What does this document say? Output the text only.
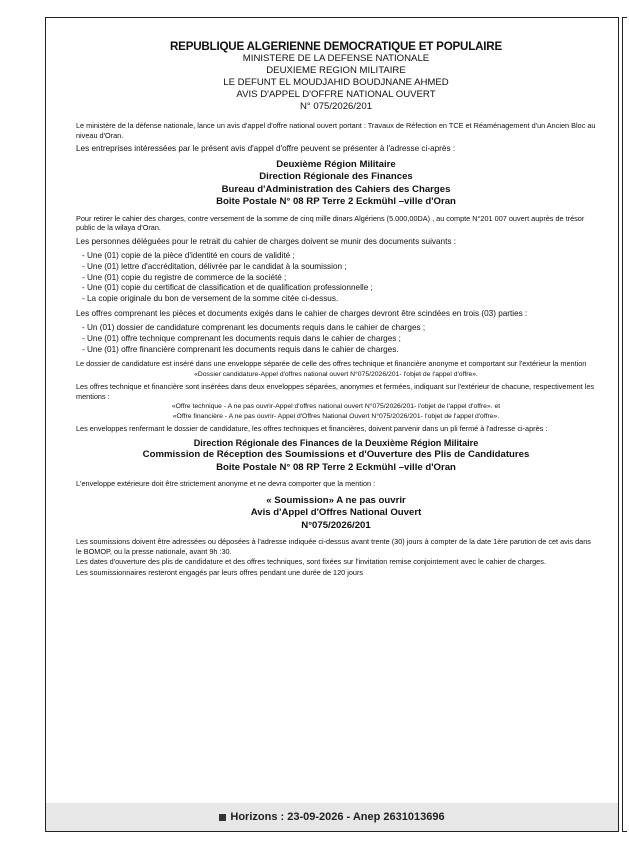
REPUBLIQUE ALGERIENNE DEMOCRATIQUE ET POPULAIRE
MINISTERE DE LA DEFENSE NATIONALE
DEUXIEME REGION MILITAIRE
LE DEFUNT EL MOUDJAHID BOUDJNANE AHMED
AVIS D'APPEL D'OFFRE NATIONAL OUVERT
N° 075/2026/201

Le ministère de la défense nationale, lance un avis d'appel d'offre national ouvert portant : Travaux de Réfection en TCE et Réaménagement d'un Ancien Bloc au niveau d'Oran.

Les entreprises intéressées par le présent avis d'appel d'offre peuvent se présenter à l'adresse ci-après :

Deuxième Région Militaire
Direction Régionale des Finances
Bureau d'Administration des Cahiers des Charges
Boite Postale N° 08 RP Terre 2 Eckmühl –ville d'Oran

Pour retirer le cahier des charges, contre versement de la somme de cinq mille dinars Algériens (5.000,00DA) , au compte N°201 007 ouvert auprès de trésor public de la wilaya d'Oran.

Les personnes déléguées pour le retrait du cahier de charges doivent se munir des documents suivants :

- Une (01) copie de la pièce d'identité en cours de validité ;
- Une (01) lettre d'accréditation, délivrée par le candidat à la soumission ;
- Une (01) copie du registre de commerce de la société ;
- Une (01) copie du certificat de classification et de qualification professionnelle ;
- La copie originale du bon de versement de la somme citée ci-dessus.

Les offres comprenant les pièces et documents exigés dans le cahier de charges devront être scindées en trois (03) parties :

- Un (01) dossier de candidature comprenant les documents requis dans le cahier de charges ;
- Une (01) offre technique comprenant les documents requis dans le cahier de charges ;
- Une (01) offre financière comprenant les documents requis dans le cahier de charges.

Le dossier de candidature est inséré dans une enveloppe séparée de celle des offres technique et financière anonyme et comportant sur l'extérieur la mention

«Dossier candidature-Appel d'offres national ouvert N°075/2026/201- l'objet de l'appel d'offre».

Les offres technique et financière sont insérées dans deux enveloppes séparées, anonymes et fermées, indiquant sur l'extérieur de chacune, respectivement les mentions :

«Offre technique - A ne pas ouvrir-Appel d'offres national ouvert N°075/2026/201- l'objet de l'appel d'offre». et
«Offre financière - A ne pas ouvrir- Appel d'Offres National Ouvert N°075/2026/201- l'objet de l'appel d'offre».

Les enveloppes renfermant le dossier de candidature, les offres techniques et financières, doivent parvenir dans un pli fermé à l'adresse ci-après :

Direction Régionale des Finances de la Deuxième Région Militaire
Commission de Réception des Soumissions et d'Ouverture des Plis de Candidatures
Boite Postale N° 08 RP Terre 2 Eckmühl –ville d'Oran

L'enveloppe extérieure doit être strictement anonyme et ne devra comporter que la mention :

« Soumission» A ne pas ouvrir
Avis d'Appel d'Offres National Ouvert
N°075/2026/201

Les soumissions doivent être adressées ou déposées à l'adresse indiquée ci-dessus avant trente (30) jours à compter de la date 1ère parution de cet avis dans le BOMOP, ou la presse nationale, avant 9h :30.

Les dates d'ouverture des plis de candidature et des offres techniques, sont fixées sur l'invitation remise conjointement avec le cahier de charges.

Les soumissionnaires resteront engagés par leurs offres pendant une durée de 120 jours

Horizons : 23-09-2026 - Anep 2631013696
